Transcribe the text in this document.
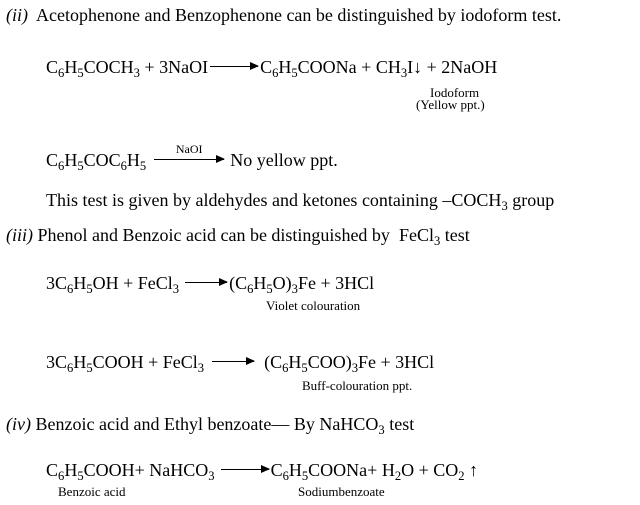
(ii) Acetophenone and Benzophenone can be distinguished by iodoform test.
$C_6H_5COCH_3$ + 3NaOI → $C_6H_5COONa$ + $CH_3I↓$ + 2NaOH
Iodoform
(Yellow ppt.)
$C_6H_5COC_6H_5$
NaOI
No yellow ppt.
This test is given by aldehydes and ketones containing $-COCH_3$ group
(iii) Phenol and Benzoic acid can be distinguished by FeCl$_3$ test
$3C_6H_5OH$ + FeCl$_3$ → $(C_6H_5O)_3Fe + 3HCl$
Violet colouration
$3C_6H_5COOH$ + FeCl$_3$ → $(C_6H_5COO)_3Fe + 3HCl$
Buff-colouration ppt.
(iv) Benzoic acid and Ethyl benzoate— By NaHCO$_3$ test
$C_6H_5COOH+$ NaHCO$_3$ → $C_6H_5COONa+ H_2O + CO_2$ ↑
Benzoic acid	Sodiumbenzoate
